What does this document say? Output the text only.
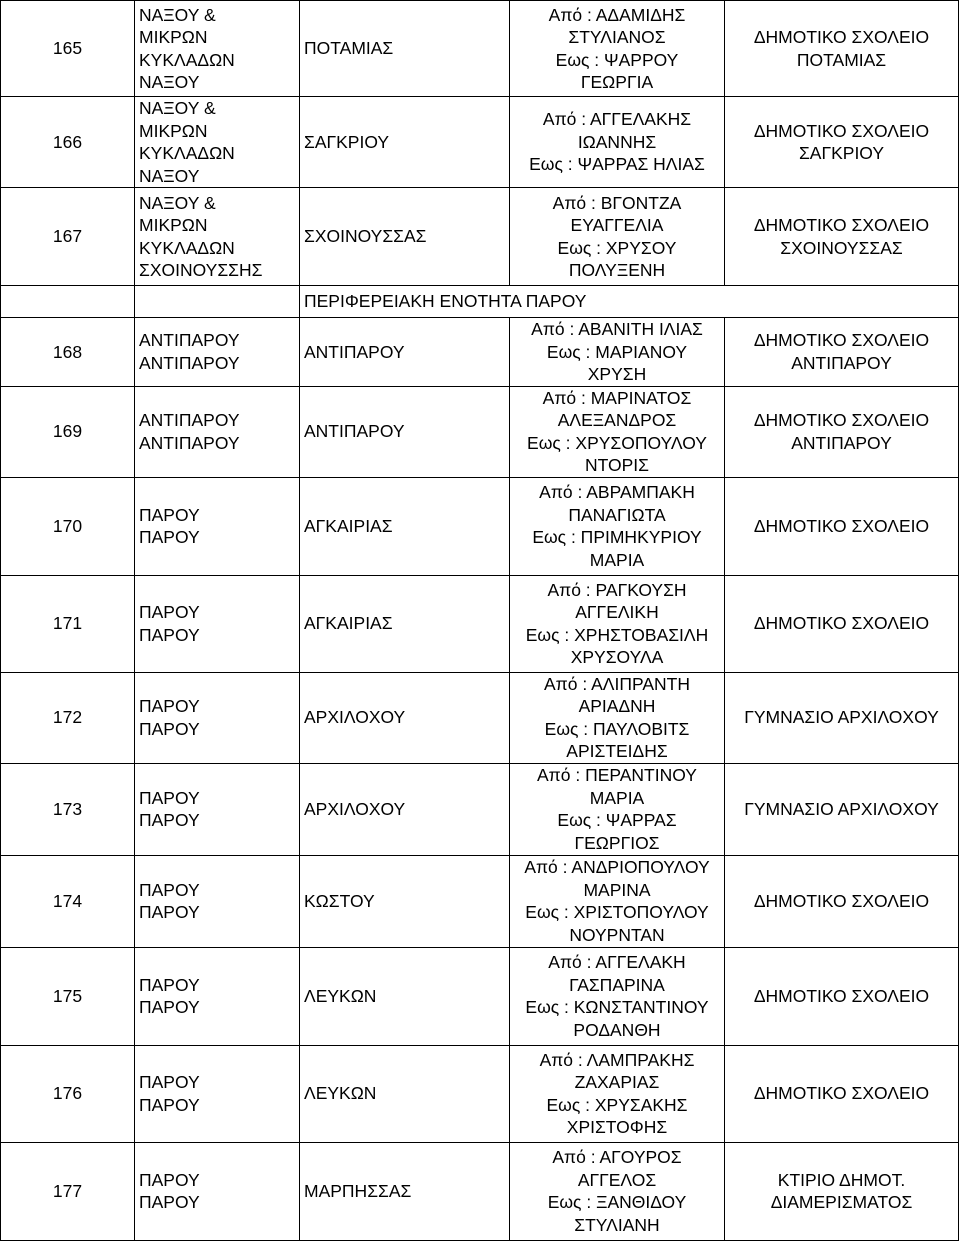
165	ΝΑΞΟΥ &
ΜΙΚΡΩΝ
ΚΥΚΛΑΔΩΝ
ΝΑΞΟΥ	ΠΟΤΑΜΙΑΣ	Από : ΑΔΑΜΙΔΗΣ
ΣΤΥΛΙΑΝΟΣ
Εως : ΨΑΡΡΟΥ
ΓΕΩΡΓΙΑ	ΔΗΜΟΤΙΚΟ ΣΧΟΛΕΙΟ
ΠΟΤΑΜΙΑΣ

166	ΝΑΞΟΥ &
ΜΙΚΡΩΝ
ΚΥΚΛΑΔΩΝ
ΝΑΞΟΥ	ΣΑΓΚΡΙΟΥ	Από : ΑΓΓΕΛΑΚΗΣ
ΙΩΑΝΝΗΣ
Εως : ΨΑΡΡΑΣ ΗΛΙΑΣ	ΔΗΜΟΤΙΚΟ ΣΧΟΛΕΙΟ
ΣΑΓΚΡΙΟΥ

167	ΝΑΞΟΥ &
ΜΙΚΡΩΝ
ΚΥΚΛΑΔΩΝ
ΣΧΟΙΝΟΥΣΣΗΣ	ΣΧΟΙΝΟΥΣΣΑΣ	Από : ΒΓΟΝΤΖΑ
ΕΥΑΓΓΕΛΙΑ
Εως : ΧΡΥΣΟΥ
ΠΟΛΥΞΕΝΗ	ΔΗΜΟΤΙΚΟ ΣΧΟΛΕΙΟ
ΣΧΟΙΝΟΥΣΣΑΣ

		ΠΕΡΙΦΕΡΕΙΑΚΗ ΕΝΟΤΗΤΑ ΠΑΡΟΥ		
168	ΑΝΤΙΠΑΡΟΥ
ΑΝΤΙΠΑΡΟΥ	ΑΝΤΙΠΑΡΟΥ	Από : ΑΒΑΝΙΤΗ ΙΛΙΑΣ
Εως : ΜΑΡΙΑΝΟΥ
ΧΡΥΣΗ	ΔΗΜΟΤΙΚΟ ΣΧΟΛΕΙΟ
ΑΝΤΙΠΑΡΟΥ

169	ΑΝΤΙΠΑΡΟΥ
ΑΝΤΙΠΑΡΟΥ	ΑΝΤΙΠΑΡΟΥ	Από : ΜΑΡΙΝΑΤΟΣ
ΑΛΕΞΑΝΔΡΟΣ
Εως : ΧΡΥΣΟΠΟΥΛΟΥ
ΝΤΟΡΙΣ	ΔΗΜΟΤΙΚΟ ΣΧΟΛΕΙΟ
ΑΝΤΙΠΑΡΟΥ

170	ΠΑΡΟΥ
ΠΑΡΟΥ	ΑΓΚΑΙΡΙΑΣ	Από : ΑΒΡΑΜΠΑΚΗ
ΠΑΝΑΓΙΩΤΑ
Εως : ΠΡΙΜΗΚΥΡΙΟΥ
ΜΑΡΙΑ	ΔΗΜΟΤΙΚΟ ΣΧΟΛΕΙΟ

171	ΠΑΡΟΥ
ΠΑΡΟΥ	ΑΓΚΑΙΡΙΑΣ	Από : ΡΑΓΚΟΥΣΗ
ΑΓΓΕΛΙΚΗ
Εως : ΧΡΗΣΤΟΒΑΣΙΛΗ
ΧΡΥΣΟΥΛΑ	ΔΗΜΟΤΙΚΟ ΣΧΟΛΕΙΟ

172	ΠΑΡΟΥ
ΠΑΡΟΥ	ΑΡΧΙΛΟΧΟΥ	Από : ΑΛΙΠΡΑΝΤΗ
ΑΡΙΑΔΝΗ
Εως : ΠΑΥΛΟΒΙΤΣ
ΑΡΙΣΤΕΙΔΗΣ	ΓΥΜΝΑΣΙΟ ΑΡΧΙΛΟΧΟΥ

173	ΠΑΡΟΥ
ΠΑΡΟΥ	ΑΡΧΙΛΟΧΟΥ	Από : ΠΕΡΑΝΤΙΝΟΥ
ΜΑΡΙΑ
Εως : ΨΑΡΡΑΣ
ΓΕΩΡΓΙΟΣ	ΓΥΜΝΑΣΙΟ ΑΡΧΙΛΟΧΟΥ

174	ΠΑΡΟΥ
ΠΑΡΟΥ	ΚΩΣΤΟΥ	Από : ΑΝΔΡΙΟΠΟΥΛΟΥ
ΜΑΡΙΝΑ
Εως : ΧΡΙΣΤΟΠΟΥΛΟΥ
ΝΟΥΡΝΤΑΝ	ΔΗΜΟΤΙΚΟ ΣΧΟΛΕΙΟ

175	ΠΑΡΟΥ
ΠΑΡΟΥ	ΛΕΥΚΩΝ	Από : ΑΓΓΕΛΑΚΗ
ΓΑΣΠΑΡΙΝΑ
Εως : ΚΩΝΣΤΑΝΤΙΝΟΥ
ΡΟΔΑΝΘΗ	ΔΗΜΟΤΙΚΟ ΣΧΟΛΕΙΟ

176	ΠΑΡΟΥ
ΠΑΡΟΥ	ΛΕΥΚΩΝ	Από : ΛΑΜΠΡΑΚΗΣ
ΖΑΧΑΡΙΑΣ
Εως : ΧΡΥΣΑΚΗΣ
ΧΡΙΣΤΟΦΗΣ	ΔΗΜΟΤΙΚΟ ΣΧΟΛΕΙΟ

177	ΠΑΡΟΥ
ΠΑΡΟΥ	ΜΑΡΠΗΣΣΑΣ	Από : ΑΓΟΥΡΟΣ
ΑΓΓΕΛΟΣ
Εως : ΞΑΝΘΙΔΟΥ
ΣΤΥΛΙΑΝΗ	ΚΤΙΡΙΟ ΔΗΜΟΤ.
ΔΙΑΜΕΡΙΣΜΑΤΟΣ
